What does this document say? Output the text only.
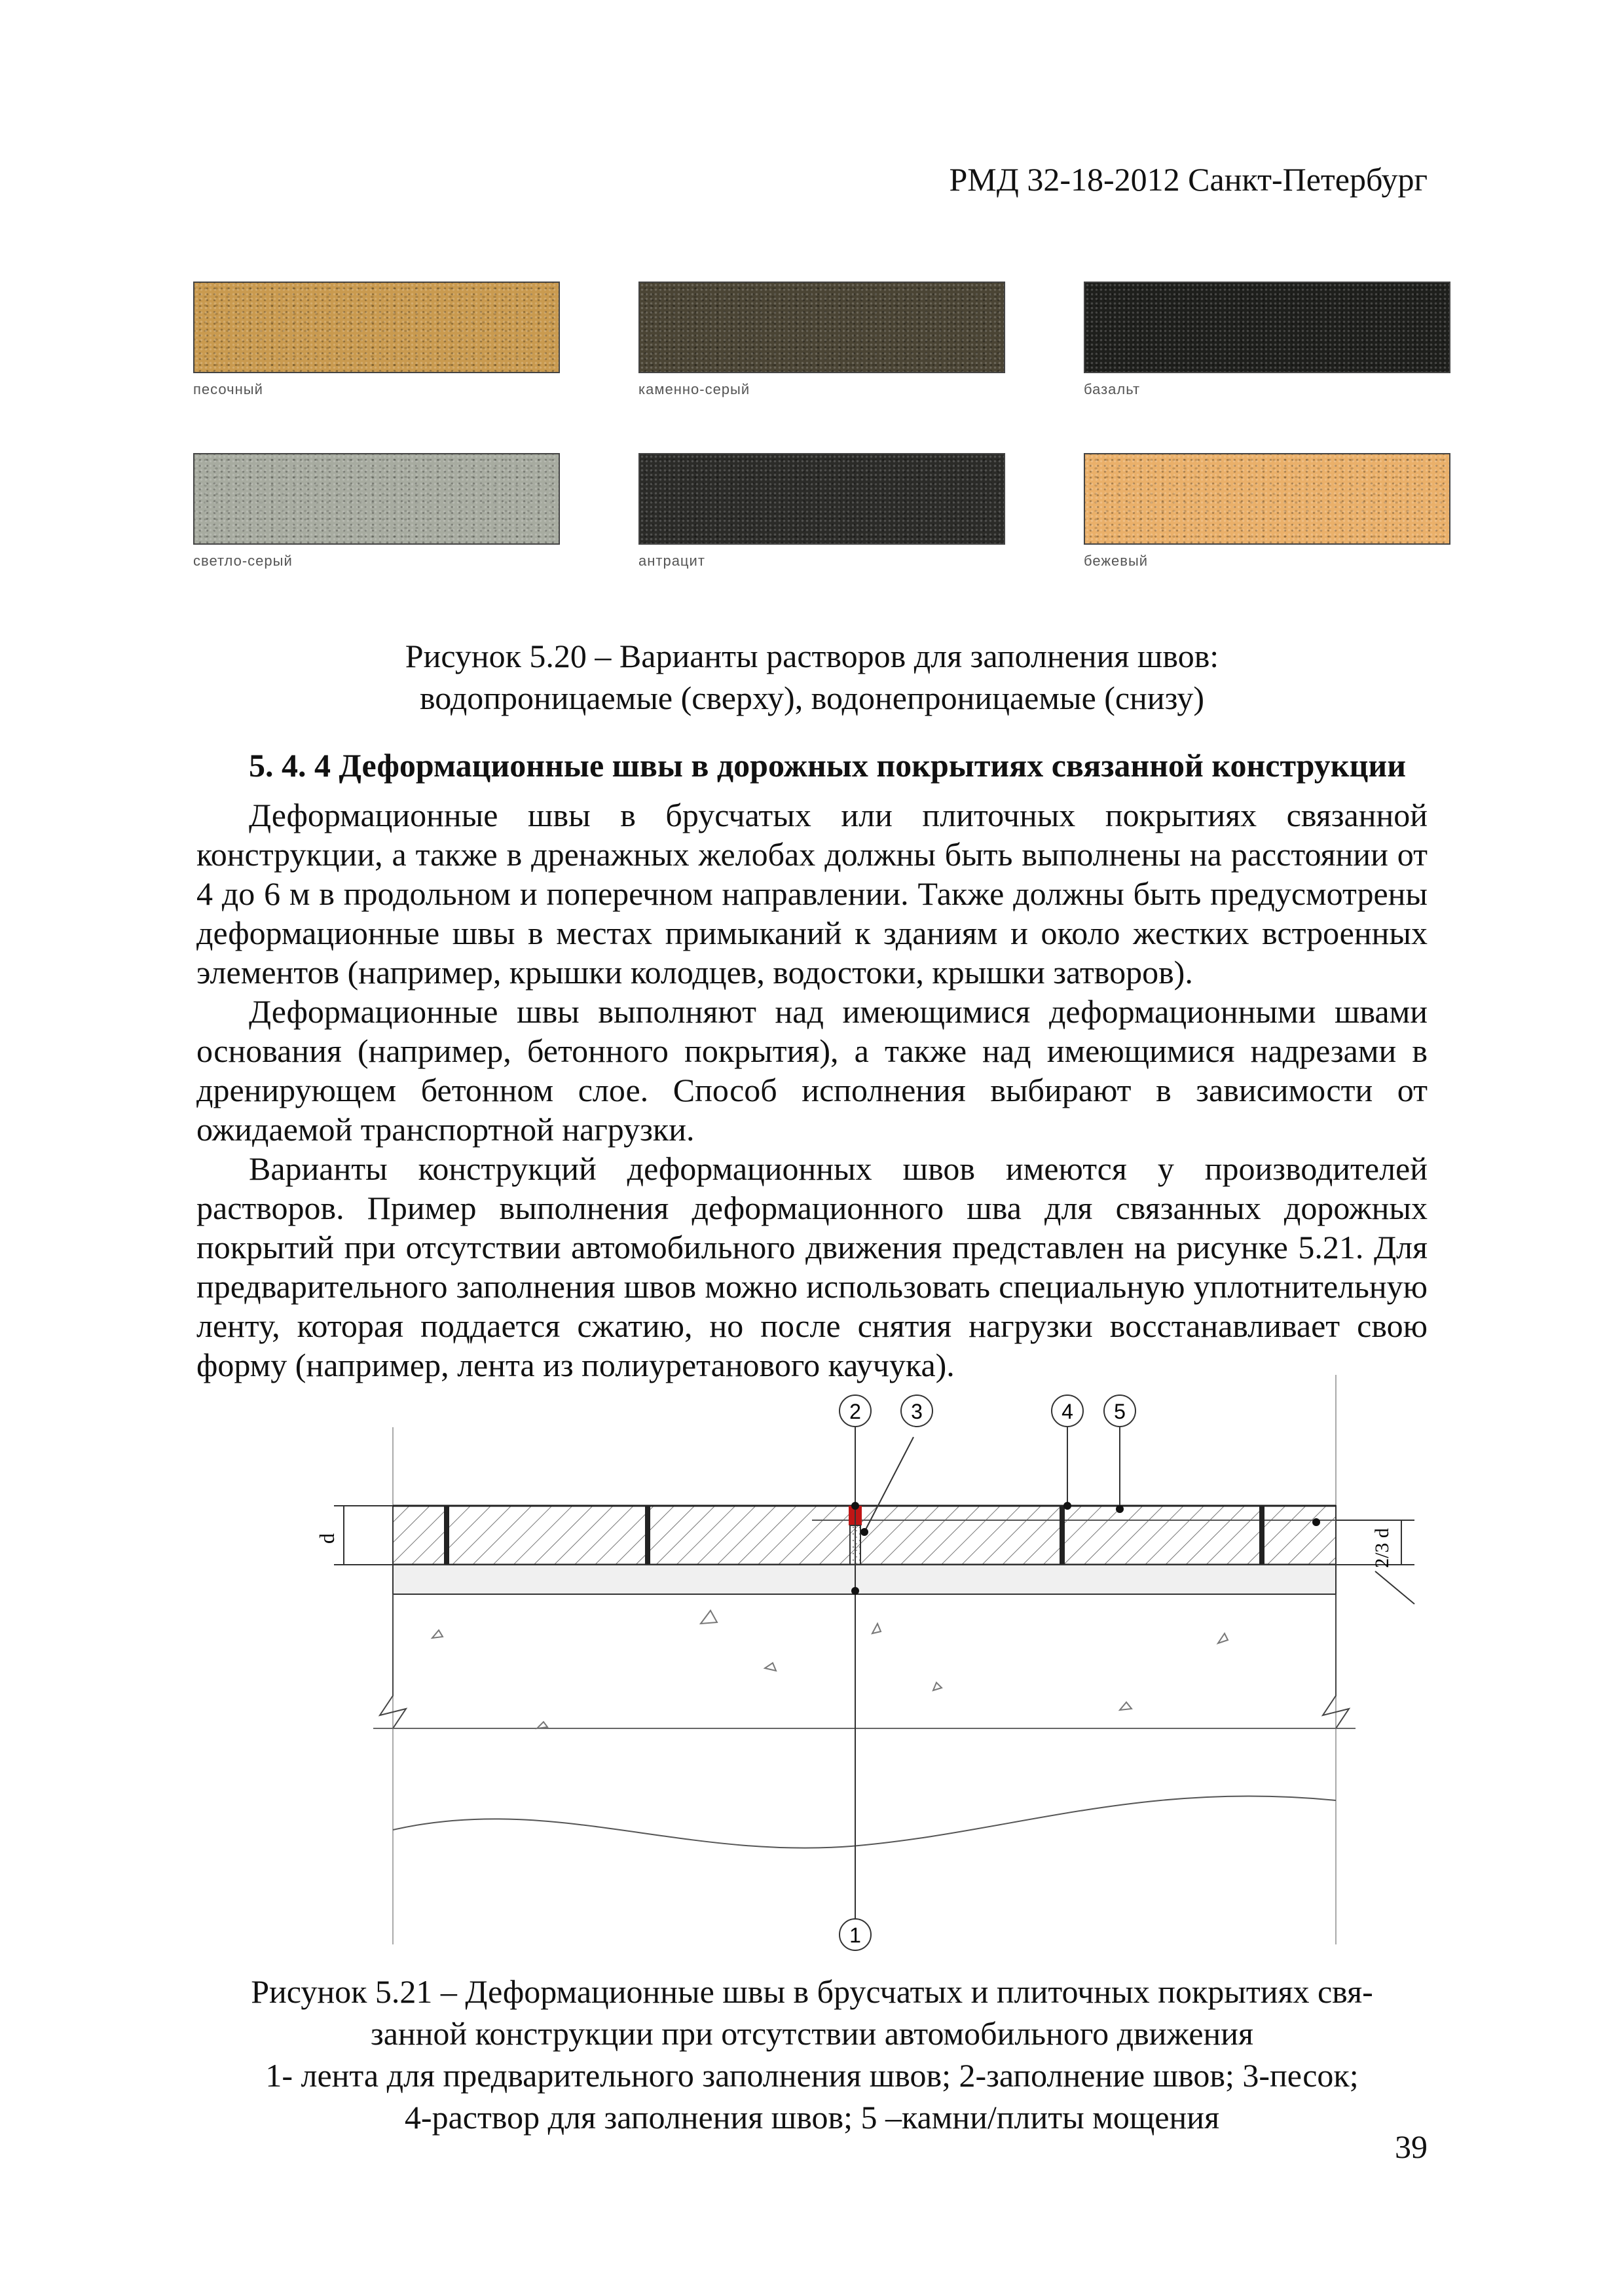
РМД 32-18-2012 Санкт-Петербург
песочный	каменно-серый	базальт
светло-серый	антрацит	бежевый
Рисунок 5.20 – Варианты растворов для заполнения швов:
водопроницаемые (сверху), водонепроницаемые (снизу)
5. 4. 4 Деформационные швы в дорожных покрытиях связанной конструкции

Деформационные швы в брусчатых или плиточных покрытиях связанной конструкции, а также в дренажных желобах должны быть выполнены на расстоянии от 4 до 6 м в продольном и поперечном направлении. Также должны быть предусмотрены деформационные швы в местах примыканий к зданиям и около жестких встроенных элементов (например, крышки колодцев, водостоки, крышки затворов).

Деформационные швы выполняют над имеющимися деформационными швами основания (например, бетонного покрытия), а также над имеющимися надрезами в дренирующем бетонном слое. Способ исполнения выбирают в зависимости от ожидаемой транспортной нагрузки.

Варианты конструкций деформационных швов имеются у производителей растворов. Пример выполнения деформационного шва для связанных дорожных покрытий при отсутствии автомобильного движения представлен на рисунке 5.21. Для предварительного заполнения швов можно использовать специальную уплотнительную ленту, которая поддается сжатию, но после снятия нагрузки восстанавливает свою форму (например, лента из полиуретанового каучука).

2 3	4 5
1
d	2/3 d
Рисунок 5.21 – Деформационные швы в брусчатых и плиточных покрытиях свя-
занной конструкции при отсутствии автомобильного движения
1- лента для предварительного заполнения швов; 2-заполнение швов; 3-песок;
4-раствор для заполнения швов; 5 –камни/плиты мощения
39
